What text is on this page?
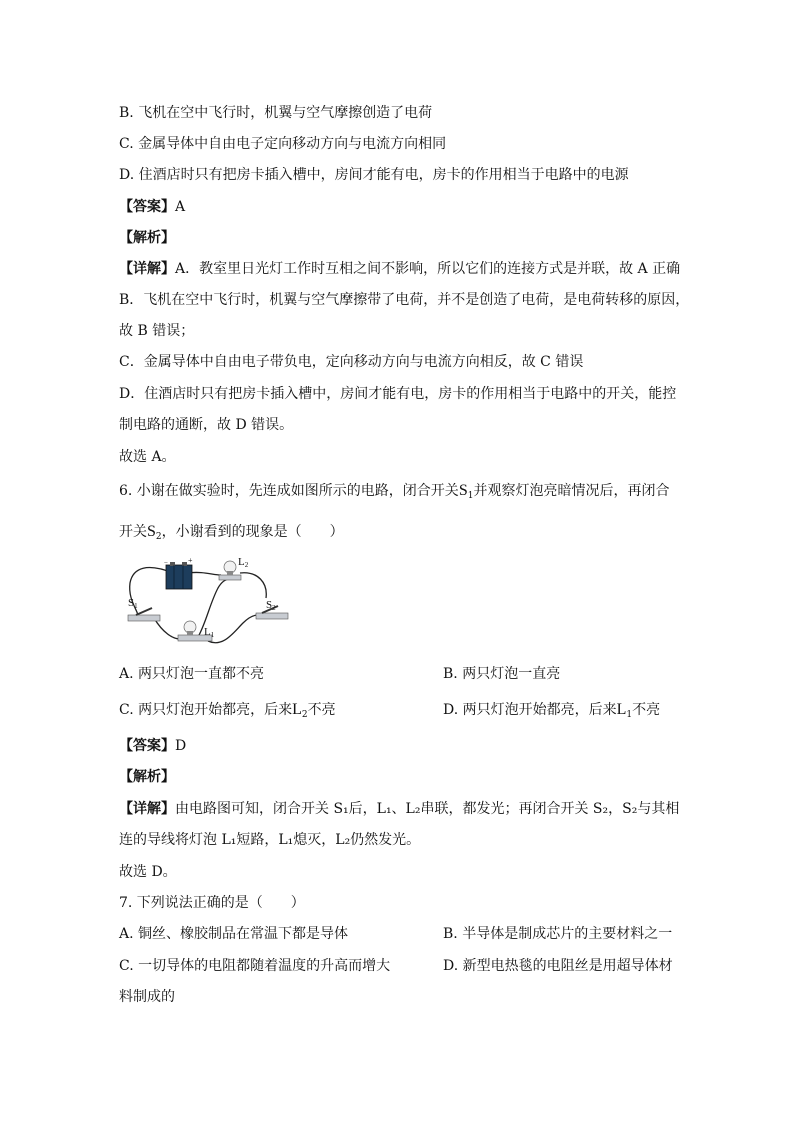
B. 飞机在空中飞行时，机翼与空气摩擦创造了电荷
C. 金属导体中自由电子定向移动方向与电流方向相同
D. 住酒店时只有把房卡插入槽中，房间才能有电，房卡的作用相当于电路中的电源
【答案】A
【解析】
【详解】A．教室里日光灯工作时互相之间不影响，所以它们的连接方式是并联，故 A 正确
B．飞机在空中飞行时，机翼与空气摩擦带了电荷，并不是创造了电荷，是电荷转移的原因，
故 B 错误；
C．金属导体中自由电子带负电，定向移动方向与电流方向相反，故 C 错误
D．住酒店时只有把房卡插入槽中，房间才能有电，房卡的作用相当于电路中的开关，能控
制电路的通断，故 D 错误。
故选 A。
6. 小谢在做实验时，先连成如图所示的电路，闭合开关$S_1$并观察灯泡亮暗情况后，再闭合
开关$S_2$，小谢看到的现象是（　　）
−	+	L2
L1
S1	S2
A. 两只灯泡一直都不亮	B. 两只灯泡一直亮
C. 两只灯泡开始都亮，后来$L_2$不亮	D. 两只灯泡开始都亮，后来$L_1$不亮
【答案】D
【解析】
【详解】由电路图可知，闭合开关 S₁后，L₁、L₂串联，都发光；再闭合开关 S₂，S₂与其相
连的导线将灯泡 L₁短路，L₁熄灭，L₂仍然发光。
故选 D。
7. 下列说法正确的是（　　）
A. 铜丝、橡胶制品在常温下都是导体	B. 半导体是制成芯片的主要材料之一
C. 一切导体的电阻都随着温度的升高而增大	D. 新型电热毯的电阻丝是用超导体材
料制成的
